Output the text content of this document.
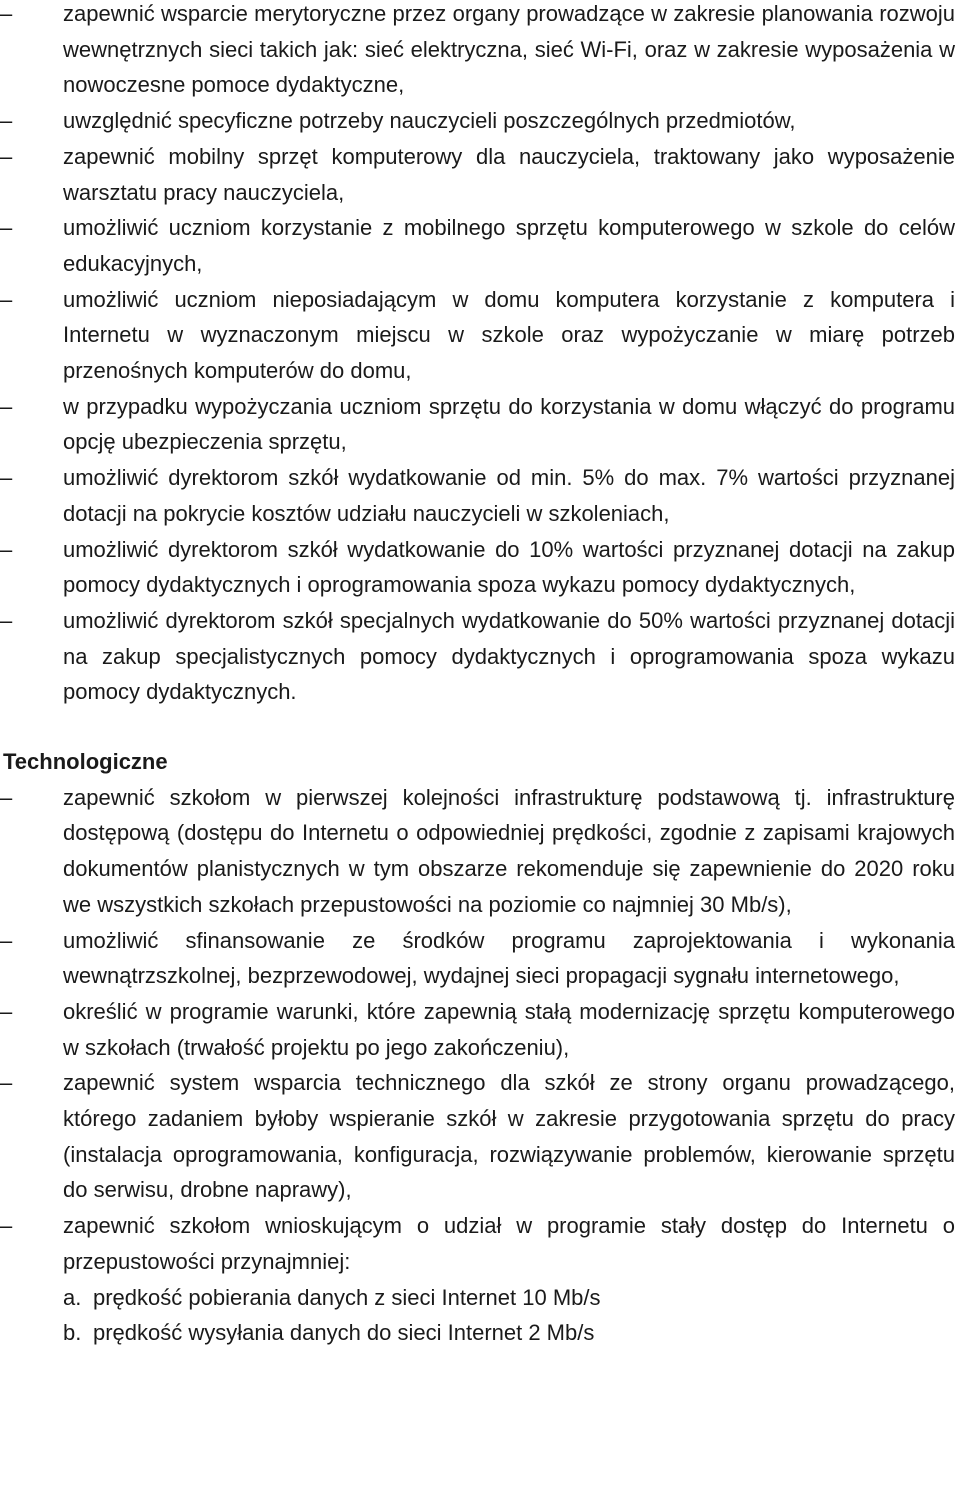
–	zapewnić wsparcie merytoryczne przez organy prowadzące w zakresie planowania rozwoju wewnętrznych sieci takich jak: sieć elektryczna, sieć Wi-Fi, oraz w zakresie wyposażenia w nowoczesne pomoce dydaktyczne,
–	uwzględnić specyficzne potrzeby nauczycieli poszczególnych przedmiotów,
–	zapewnić mobilny sprzęt komputerowy dla nauczyciela, traktowany jako wyposażenie warsztatu pracy nauczyciela,
–	umożliwić uczniom korzystanie z mobilnego sprzętu komputerowego w szkole do celów edukacyjnych,
–	umożliwić uczniom nieposiadającym w domu komputera korzystanie z komputera i Internetu w wyznaczonym miejscu w szkole oraz wypożyczanie w miarę potrzeb przenośnych komputerów do domu,
–	w przypadku wypożyczania uczniom sprzętu do korzystania w domu włączyć do programu opcję ubezpieczenia sprzętu,
–	umożliwić dyrektorom szkół wydatkowanie od min. 5% do max. 7% wartości przyznanej dotacji na pokrycie kosztów udziału nauczycieli w szkoleniach,
–	umożliwić dyrektorom szkół wydatkowanie do 10% wartości przyznanej dotacji na zakup pomocy dydaktycznych i oprogramowania spoza wykazu pomocy dydaktycznych,
–	umożliwić dyrektorom szkół specjalnych wydatkowanie do 50% wartości przyznanej dotacji na zakup specjalistycznych pomocy dydaktycznych i oprogramowania spoza wykazu pomocy dydaktycznych.
Technologiczne
–	zapewnić szkołom w pierwszej kolejności infrastrukturę podstawową tj. infrastrukturę dostępową (dostępu do Internetu o odpowiedniej prędkości, zgodnie z zapisami krajowych dokumentów planistycznych w tym obszarze rekomenduje się zapewnienie do 2020 roku we wszystkich szkołach przepustowości na poziomie co najmniej 30 Mb/s),
–	umożliwić sfinansowanie ze środków programu zaprojektowania i wykonania wewnątrzszkolnej, bezprzewodowej, wydajnej sieci propagacji sygnału internetowego,
–	określić w programie warunki, które zapewnią stałą modernizację sprzętu komputerowego w szkołach (trwałość projektu po jego zakończeniu),
–	zapewnić system wsparcia technicznego dla szkół ze strony organu prowadzącego, którego zadaniem byłoby wspieranie szkół w zakresie przygotowania sprzętu do pracy (instalacja oprogramowania, konfiguracja, rozwiązywanie problemów, kierowanie sprzętu do serwisu, drobne naprawy),
–	zapewnić szkołom wnioskującym o udział w programie stały dostęp do Internetu o przepustowości przynajmniej:
a. prędkość pobierania danych z sieci Internet 10 Mb/s
b. prędkość wysyłania danych do sieci Internet 2 Mb/s
